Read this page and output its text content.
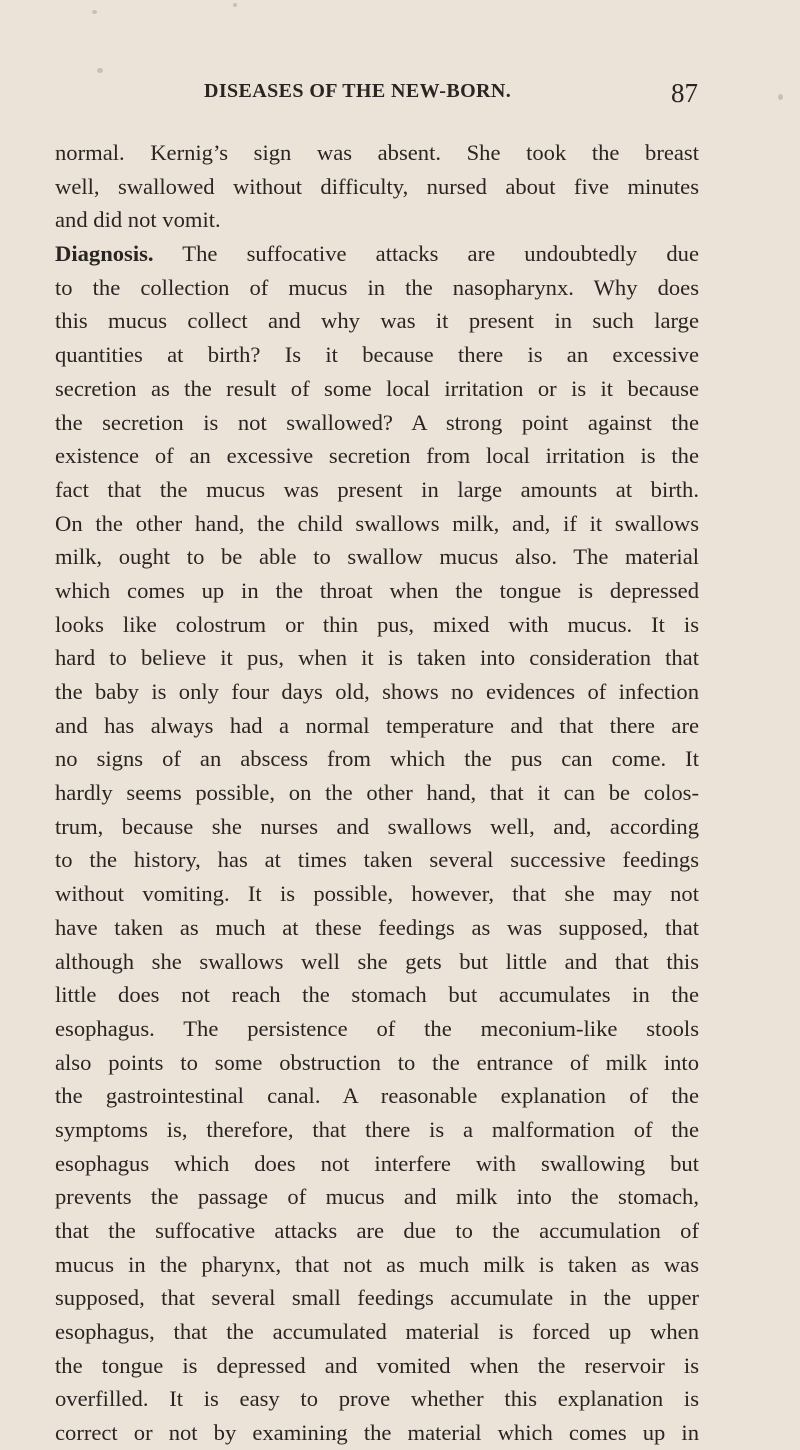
DISEASES OF THE NEW-BORN.	87
normal. Kernig’s sign was absent. She took the breast
well, swallowed without difficulty, nursed about five minutes
and did not vomit.
Diagnosis. The suffocative attacks are undoubtedly due
to the collection of mucus in the nasopharynx. Why does
this mucus collect and why was it present in such large
quantities at birth? Is it because there is an excessive
secretion as the result of some local irritation or is it because
the secretion is not swallowed? A strong point against the
existence of an excessive secretion from local irritation is the
fact that the mucus was present in large amounts at birth.
On the other hand, the child swallows milk, and, if it swallows
milk, ought to be able to swallow mucus also. The material
which comes up in the throat when the tongue is depressed
looks like colostrum or thin pus, mixed with mucus. It is
hard to believe it pus, when it is taken into consideration that
the baby is only four days old, shows no evidences of infection
and has always had a normal temperature and that there are
no signs of an abscess from which the pus can come. It
hardly seems possible, on the other hand, that it can be colos-
trum, because she nurses and swallows well, and, according
to the history, has at times taken several successive feedings
without vomiting. It is possible, however, that she may not
have taken as much at these feedings as was supposed, that
although she swallows well she gets but little and that this
little does not reach the stomach but accumulates in the
esophagus. The persistence of the meconium-like stools
also points to some obstruction to the entrance of milk into
the gastrointestinal canal. A reasonable explanation of the
symptoms is, therefore, that there is a malformation of the
esophagus which does not interfere with swallowing but
prevents the passage of mucus and milk into the stomach,
that the suffocative attacks are due to the accumulation of
mucus in the pharynx, that not as much milk is taken as was
supposed, that several small feedings accumulate in the upper
esophagus, that the accumulated material is forced up when
the tongue is depressed and vomited when the reservoir is
overfilled. It is easy to prove whether this explanation is
correct or not by examining the material which comes up in
